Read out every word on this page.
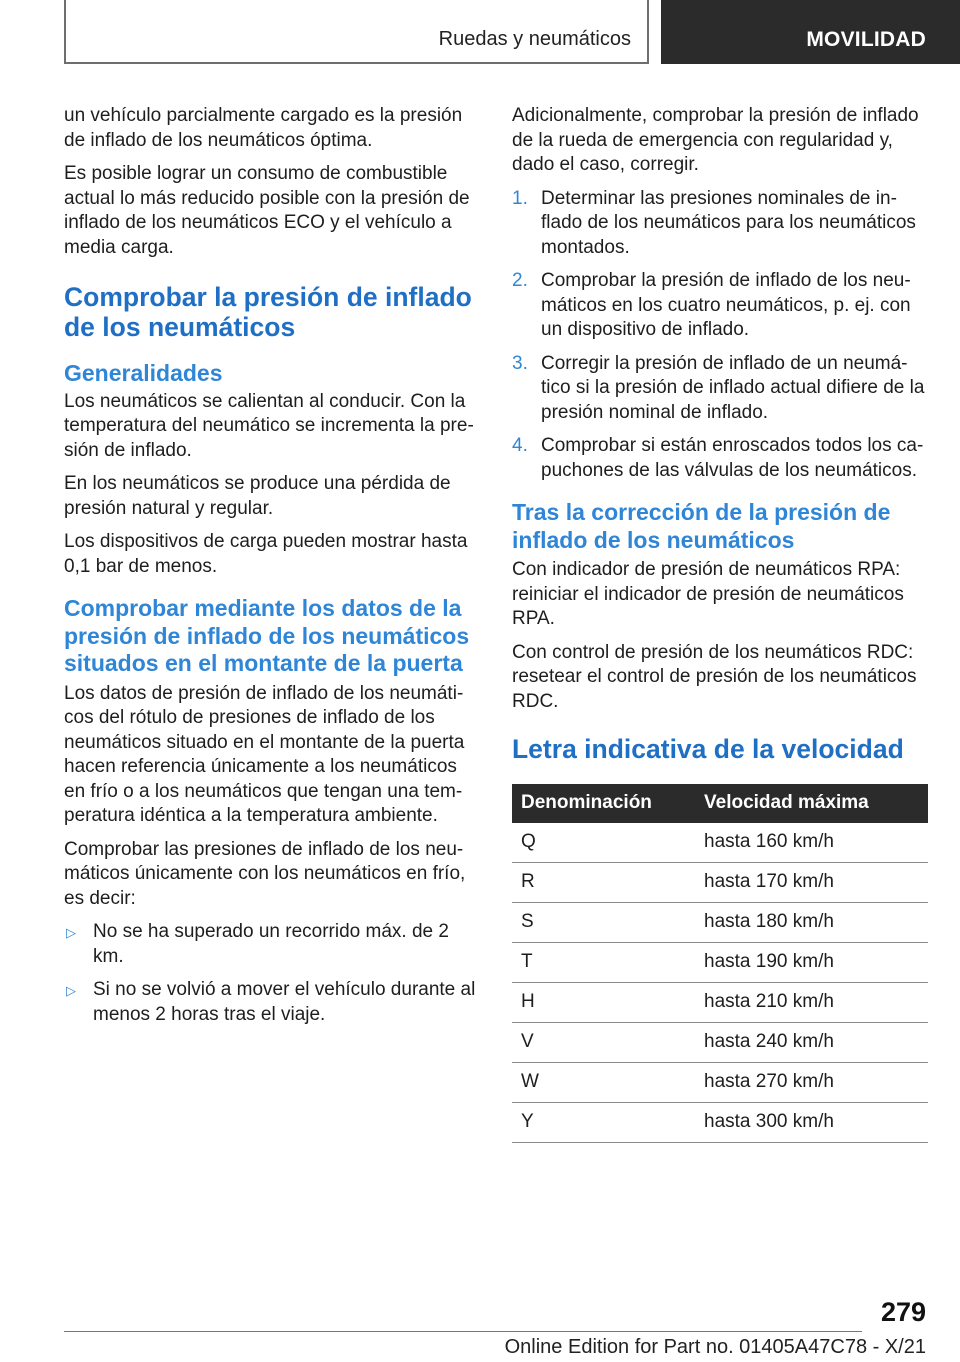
Ruedas y neumáticos	MOVILIDAD

un vehículo parcialmente cargado es la presión de inflado de los neumáticos óptima.

Es posible lograr un consumo de combustible actual lo más reducido posible con la presión de inflado de los neumáticos ECO y el vehículo a media carga.

Comprobar la presión de inflado de los neumáticos
Generalidades

Los neumáticos se calientan al conducir. Con la temperatura del neumático se incrementa la presión de inflado.

En los neumáticos se produce una pérdida de presión natural y regular.

Los dispositivos de carga pueden mostrar hasta 0,1 bar de menos.

Comprobar mediante los datos de la
presión de inflado de los neumáticos
situados en el montante de la puerta

Los datos de presión de inflado de los neumáticos del rótulo de presiones de inflado de los neumáticos situado en el montante de la puerta hacen referencia únicamente a los neumáticos en frío o a los neumáticos que tengan una temperatura idéntica a la temperatura ambiente.

Comprobar las presiones de inflado de los neumáticos únicamente con los neumáticos en frío, es decir:

▷ No se ha superado un recorrido máx. de 2 km.
▷ Si no se volvió a mover el vehículo durante al menos 2 horas tras el viaje.

Adicionalmente, comprobar la presión de inflado de la rueda de emergencia con regularidad y, dado el caso, corregir.

1. Determinar las presiones nominales de inflado de los neumáticos para los neumáticos montados.
2. Comprobar la presión de inflado de los neumáticos en los cuatro neumáticos, p. ej. con un dispositivo de inflado.
3. Corregir la presión de inflado de un neumático si la presión de inflado actual difiere de la presión nominal de inflado.
4. Comprobar si están enroscados todos los capuchones de las válvulas de los neumáticos.
Tras la corrección de la presión de
inflado de los neumáticos

Con indicador de presión de neumáticos RPA: reiniciar el indicador de presión de neumáticos RPA.

Con control de presión de los neumáticos RDC: resetear el control de presión de los neumáticos RDC.

Letra indicativa de la velocidad
Denominación	Velocidad máxima
Q	hasta 160 km/h
R	hasta 170 km/h
S	hasta 180 km/h
T	hasta 190 km/h
H	hasta 210 km/h
V	hasta 240 km/h
W	hasta 270 km/h
Y	hasta 300 km/h
279
Online Edition for Part no. 01405A47C78 - X/21
